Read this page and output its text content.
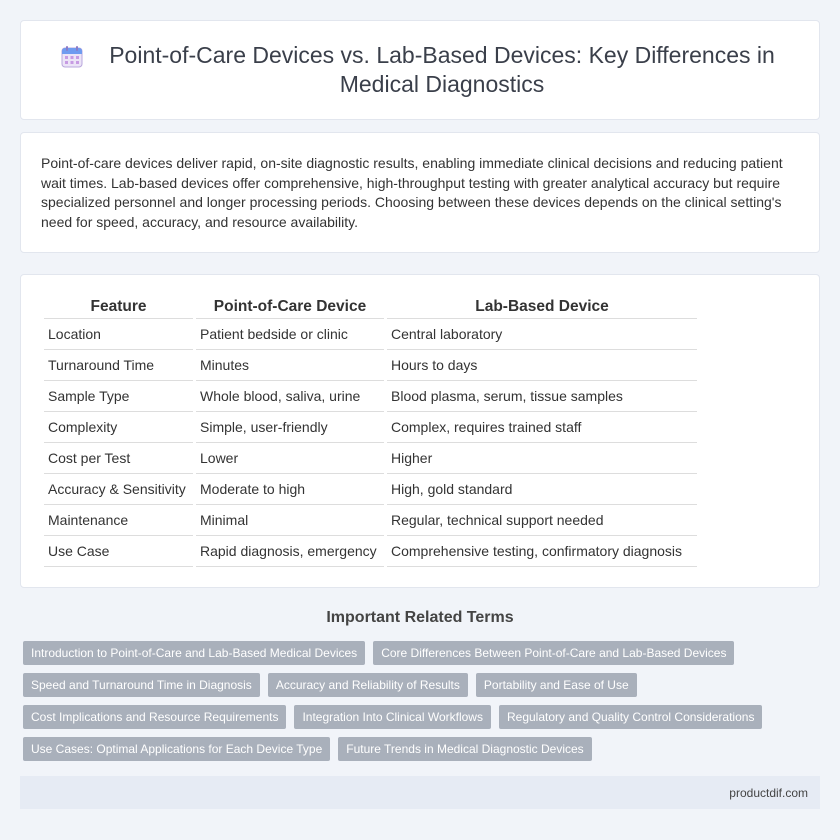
Point-of-Care Devices vs. Lab-Based Devices: Key Differences in Medical Diagnostics

Point-of-care devices deliver rapid, on-site diagnostic results, enabling immediate clinical decisions and reducing patient wait times. Lab-based devices offer comprehensive, high-throughput testing with greater analytical accuracy but require specialized personnel and longer processing periods. Choosing between these devices depends on the clinical setting's need for speed, accuracy, and resource availability.

Feature	Point-of-Care Device	Lab-Based Device
Location	Patient bedside or clinic	Central laboratory
Turnaround Time	Minutes	Hours to days
Sample Type	Whole blood, saliva, urine	Blood plasma, serum, tissue samples
Complexity	Simple, user-friendly	Complex, requires trained staff
Cost per Test	Lower	Higher
Accuracy & Sensitivity	Moderate to high	High, gold standard
Maintenance	Minimal	Regular, technical support needed
Use Case	Rapid diagnosis, emergency	Comprehensive testing, confirmatory diagnosis
Important Related Terms
Introduction to Point-of-Care and Lab-Based Medical Devices	Core Differences Between Point-of-Care and Lab-Based Devices
Speed and Turnaround Time in Diagnosis	Accuracy and Reliability of Results	Portability and Ease of Use
Cost Implications and Resource Requirements	Integration Into Clinical Workflows	Regulatory and Quality Control Considerations
Use Cases: Optimal Applications for Each Device Type	Future Trends in Medical Diagnostic Devices
productdif.com
